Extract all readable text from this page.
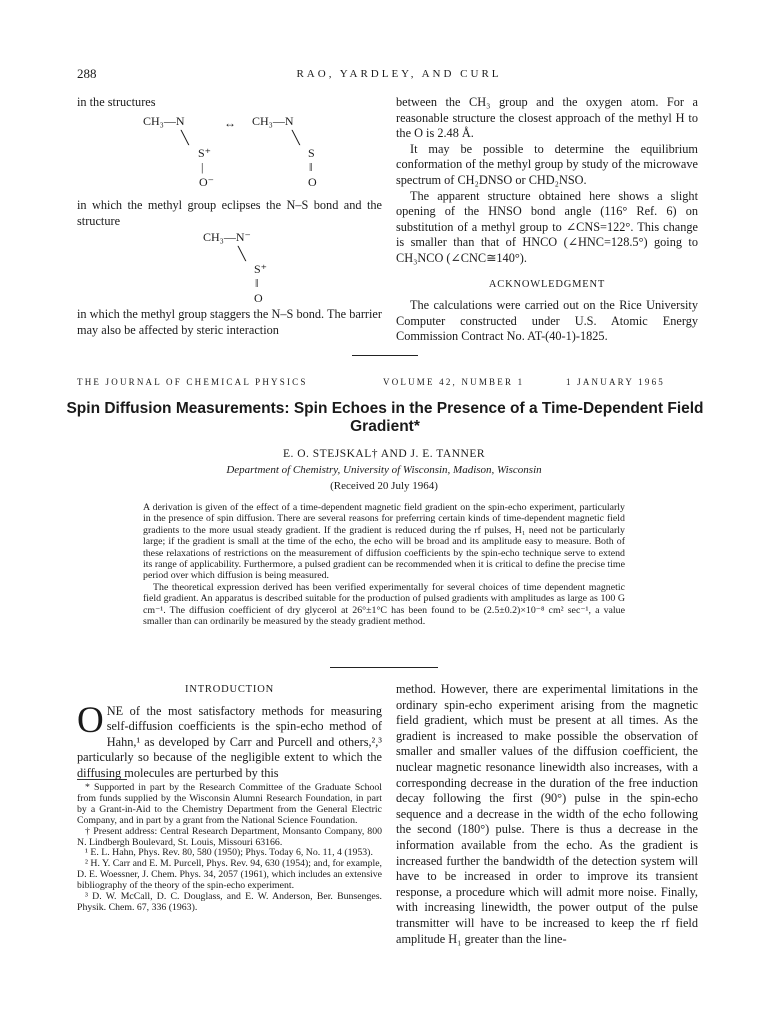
288	RAO, YARDLEY, AND CURL

in the structures

CH₃—N
╲
S⁺
|
O⁻
↔ CH₃—N
╲
S
‖
O

in which the methyl group eclipses the N–S bond and the structure

CH₃—N⁻
╲
S⁺
‖
O

in which the methyl group staggers the N–S bond. The barrier may also be affected by steric interaction

between the CH₃ group and the oxygen atom. For a reasonable structure the closest approach of the methyl H to the O is 2.48 Å.

It may be possible to determine the equilibrium conformation of the methyl group by study of the microwave spectrum of CH₂DNSO or CHD₂NSO.

The apparent structure obtained here shows a slight opening of the HNSO bond angle (116° Ref. 6) on substitution of a methyl group to ∠CNS=122°. This change is smaller than that of HNCO (∠HNC=128.5°) going to CH₃NCO (∠CNC≅140°).

ACKNOWLEDGMENT

The calculations were carried out on the Rice University Computer constructed under U.S. Atomic Energy Commission Contract No. AT-(40-1)-1825.

THE JOURNAL OF CHEMICAL PHYSICS	VOLUME 42, NUMBER 1	1 JANUARY 1965
Spin Diffusion Measurements: Spin Echoes in the Presence of a Time-Dependent Field Gradient*
E. O. STEJSKAL† AND J. E. TANNER
Department of Chemistry, University of Wisconsin, Madison, Wisconsin
(Received 20 July 1964)

A derivation is given of the effect of a time-dependent magnetic field gradient on the spin-echo experiment, particularly in the presence of spin diffusion. There are several reasons for preferring certain kinds of time-dependent magnetic field gradients to the more usual steady gradient. If the gradient is reduced during the rf pulses, H₁ need not be particularly large; if the gradient is small at the time of the echo, the echo will be broad and its amplitude easy to measure. Both of these relaxations of restrictions on the measurement of diffusion coefficients by the spin-echo technique serve to extend its range of applicability. Furthermore, a pulsed gradient can be recommended when it is critical to define the precise time period over which diffusion is being measured.

The theoretical expression derived has been verified experimentally for several choices of time dependent magnetic field gradient. An apparatus is described suitable for the production of pulsed gradients with amplitudes as large as 100 G cm⁻¹. The diffusion coefficient of dry glycerol at 26°±1°C has been found to be (2.5±0.2)×10⁻⁸ cm² sec⁻¹, a value smaller than can ordinarily be measured by the steady gradient method.

INTRODUCTION

ONE of the most satisfactory methods for measuring self-diffusion coefficients is the spin-echo method of Hahn,¹ as developed by Carr and Purcell and others,²,³ particularly so because of the negligible extent to which the diffusing molecules are perturbed by this

* Supported in part by the Research Committee of the Graduate School from funds supplied by the Wisconsin Alumni Research Foundation, in part by a Grant-in-Aid to the Chemistry Department from the General Electric Company, and in part by a grant from the National Science Foundation.

† Present address: Central Research Department, Monsanto Company, 800 N. Lindbergh Boulevard, St. Louis, Missouri 63166.

¹ E. L. Hahn, Phys. Rev. 80, 580 (1950); Phys. Today 6, No. 11, 4 (1953).

² H. Y. Carr and E. M. Purcell, Phys. Rev. 94, 630 (1954); and, for example, D. E. Woessner, J. Chem. Phys. 34, 2057 (1961), which includes an extensive bibliography of the theory of the spin-echo experiment.

³ D. W. McCall, D. C. Douglass, and E. W. Anderson, Ber. Bunsenges. Physik. Chem. 67, 336 (1963).

method. However, there are experimental limitations in the ordinary spin-echo experiment arising from the magnetic field gradient, which must be present at all times. As the gradient is increased to make possible the observation of smaller and smaller values of the diffusion coefficient, the nuclear magnetic resonance linewidth also increases, with a corresponding decrease in the duration of the free induction decay following the first (90°) pulse in the spin-echo sequence and a decrease in the width of the echo following the second (180°) pulse. There is thus a decrease in the information available from the echo. As the gradient is increased further the bandwidth of the detection system will have to be increased in order to improve its transient response, a procedure which will admit more noise. Finally, with increasing linewidth, the power output of the pulse transmitter will have to be increased to keep the rf field amplitude H₁ greater than the line-
